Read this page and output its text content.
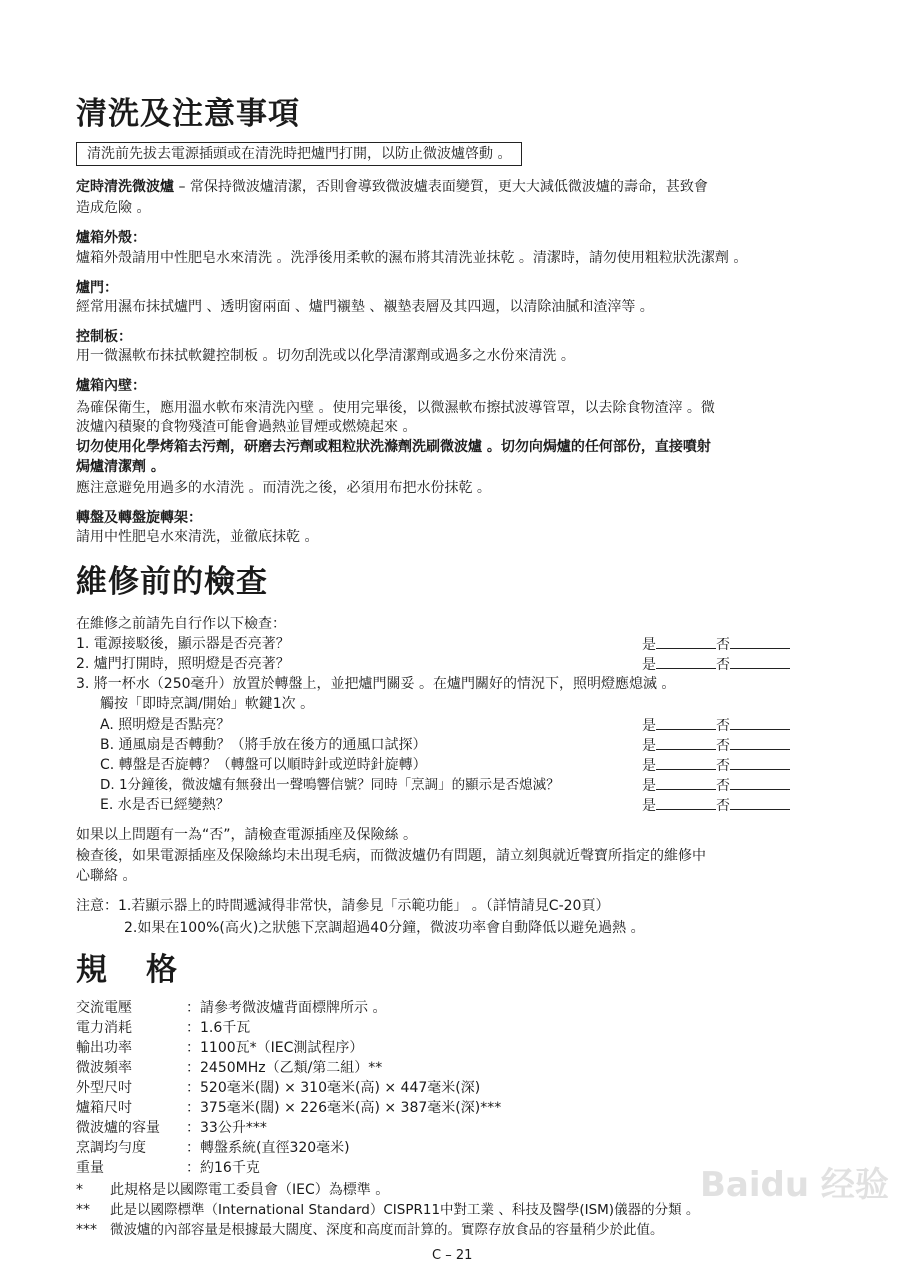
清洗及注意事項
清洗前先拔去電源插頭或在清洗時把爐門打開，以防止微波爐啓動 。
定時清洗微波爐 – 常保持微波爐清潔，否則會導致微波爐表面變質，更大大減低微波爐的壽命，甚致會
造成危險 。
爐箱外殼：
爐箱外殼請用中性肥皂水來清洗 。洗淨後用柔軟的濕布將其清洗並抹乾 。清潔時，請勿使用粗粒狀洗潔劑 。
爐門：
經常用濕布抹拭爐門 、透明窗兩面 、爐門襯墊 、襯墊表層及其四週，以清除油膩和渣滓等 。
控制板：
用一微濕軟布抹拭軟鍵控制板 。切勿刮洗或以化學清潔劑或過多之水份來清洗 。
爐箱內壁：
為確保衛生，應用溫水軟布來清洗內壁 。使用完畢後，以微濕軟布擦拭波導管罩，以去除食物渣滓 。微
波爐內積聚的食物殘渣可能會過熱並冒煙或燃燒起來 。
切勿使用化學烤箱去污劑，研磨去污劑或粗粒狀洗滌劑洗刷微波爐 。切勿向焗爐的任何部份，直接噴射
焗爐清潔劑 。
應注意避免用過多的水清洗 。而清洗之後，必須用布把水份抹乾 。
轉盤及轉盤旋轉架：
請用中性肥皂水來清洗，並徹底抹乾 。
維修前的檢查
在維修之前請先自行作以下檢查：
1. 電源接駁後，顯示器是否亮著？	是	否
2. 爐門打開時，照明燈是否亮著？	是	否
3. 將一杯水（250毫升）放置於轉盤上，並把爐門關妥 。在爐門關好的情況下，照明燈應熄滅 。
觸按「即時烹調/開始」軟鍵1次 。
A. 照明燈是否點亮？	是	否
B. 通風扇是否轉動？（將手放在後方的通風口試探）	是	否
C. 轉盤是否旋轉？（轉盤可以順時針或逆時針旋轉）	是	否
D. 1分鐘後，微波爐有無發出一聲鳴響信號？同時「烹調」的顯示是否熄滅？	是	否
E. 水是否已經變熱？	是	否
如果以上問題有一為“否”，請檢查電源插座及保險絲 。
檢查後，如果電源插座及保險絲均未出現毛病，而微波爐仍有問題，請立刻與就近聲寶所指定的維修中
心聯絡 。
注意：1.若顯示器上的時間遞減得非常快，請參見「示範功能」 。（詳情請見C-20頁）
2.如果在100%(高火)之狀態下烹調超過40分鐘，微波功率會自動降低以避免過熱 。
規　格
交流電壓	：請參考微波爐背面標牌所示 。
電力消耗	：1.6千瓦
輸出功率	：1100瓦*（IEC測試程序）
微波頻率	：2450MHz（乙類/第二組）**
外型尺吋	：520毫米(闊) × 310毫米(高) × 447毫米(深)
爐箱尺吋	：375毫米(闊) × 226毫米(高) × 387毫米(深)***
微波爐的容量	：33公升***
烹調均勻度	：轉盤系統(直徑320毫米)
重量	：約16千克
* 此規格是以國際電工委員會（IEC）為標準 。
** 此是以國際標準（International Standard）CISPR11中對工業 、科技及醫學(ISM)儀器的分類 。
*** 微波爐的內部容量是根據最大闊度、深度和高度而計算的。實際存放食品的容量稍少於此值。
C – 21
Baidu 经验
